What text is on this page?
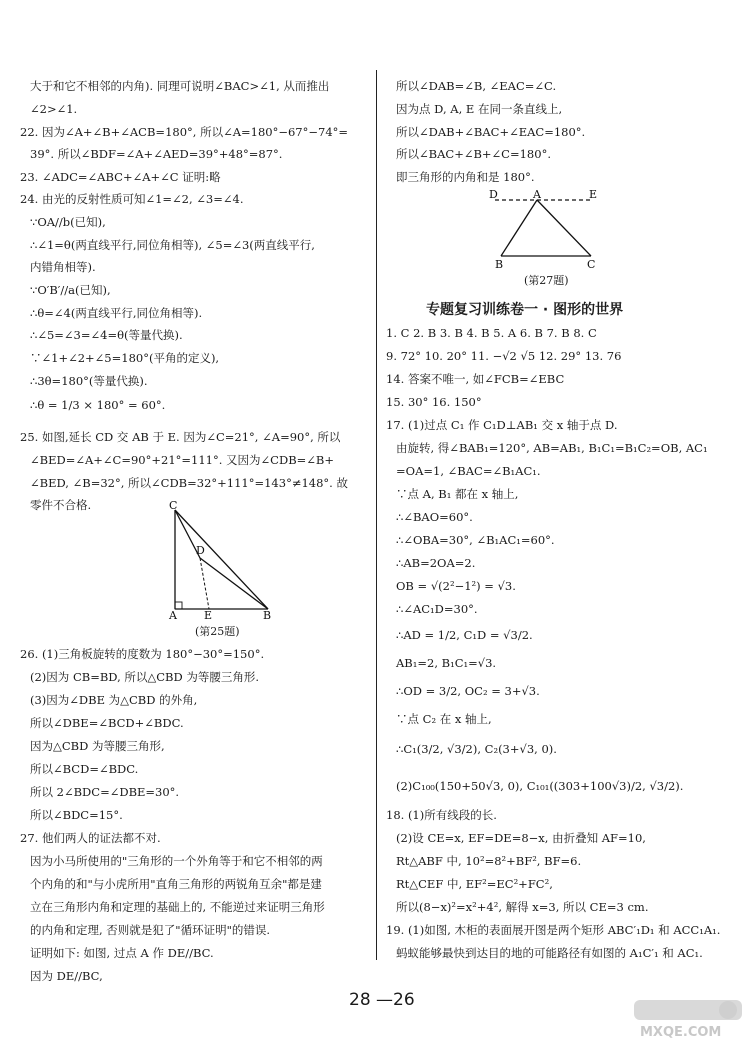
大于和它不相邻的内角). 同理可说明∠BAC>∠1, 从而推出
∠2>∠1.
22. 因为∠A+∠B+∠ACB=180°, 所以∠A=180°−67°−74°=
39°. 所以∠BDF=∠A+∠AED=39°+48°=87°.
23. ∠ADC=∠ABC+∠A+∠C 证明:略
24. 由光的反射性质可知∠1=∠2, ∠3=∠4.
∵OA//b(已知),
∴∠1=θ(两直线平行,同位角相等), ∠5=∠3(两直线平行,
内错角相等).
∵O′B′//a(已知),
∴θ=∠4(两直线平行,同位角相等).
∴∠5=∠3=∠4=θ(等量代换).
∵∠1+∠2+∠5=180°(平角的定义),
∴3θ=180°(等量代换).
∴θ = 1/3 × 180° = 60°.
25. 如图,延长 CD 交 AB 于 E. 因为∠C=21°, ∠A=90°, 所以
∠BED=∠A+∠C=90°+21°=111°. 又因为∠CDB=∠B+
∠BED, ∠B=32°, 所以∠CDB=32°+111°=143°≠148°. 故
零件不合格.	C
D
A E	B
(第25题)
26. (1)三角板旋转的度数为 180°−30°=150°.
(2)因为 CB=BD, 所以△CBD 为等腰三角形.
(3)因为∠DBE 为△CBD 的外角,
所以∠DBE=∠BCD+∠BDC.
因为△CBD 为等腰三角形,
所以∠BCD=∠BDC.
所以 2∠BDC=∠DBE=30°.
所以∠BDC=15°.
27. 他们两人的证法都不对.
因为小马所使用的"三角形的一个外角等于和它不相邻的两
个内角的和"与小虎所用"直角三角形的两锐角互余"都是建
立在三角形内角和定理的基础上的, 不能逆过来证明三角形
的内角和定理, 否则就是犯了"循环证明"的错误.
证明如下: 如图, 过点 A 作 DE//BC.
因为 DE//BC,
所以∠DAB=∠B, ∠EAC=∠C.
因为点 D, A, E 在同一条直线上,
所以∠DAB+∠BAC+∠EAC=180°.
所以∠BAC+∠B+∠C=180°.
即三角形的内角和是 180°.
D	A	E
B	C
(第27题)
专题复习训练卷一 · 图形的世界
1. C 2. B 3. B 4. B 5. A 6. B 7. B 8. C
9. 72° 10. 20° 11. −√2 √5 12. 29° 13. 76
14. 答案不唯一, 如∠FCB=∠EBC
15. 30° 16. 150°
17. (1)过点 C₁ 作 C₁D⊥AB₁ 交 x 轴于点 D.
由旋转, 得∠BAB₁=120°, AB=AB₁, B₁C₁=B₁C₂=OB, AC₁
=OA=1, ∠BAC=∠B₁AC₁.
∵点 A, B₁ 都在 x 轴上,
∴∠BAO=60°.
∴∠OBA=30°, ∠B₁AC₁=60°.
∴AB=2OA=2.
OB = √(2²−1²) = √3.
∴∠AC₁D=30°.
∴AD = 1/2, C₁D = √3/2.
AB₁=2, B₁C₁=√3.
∴OD = 3/2, OC₂ = 3+√3.
∵点 C₂ 在 x 轴上,
∴C₁(3/2, √3/2), C₂(3+√3, 0).
(2)C₁₀₀(150+50√3, 0), C₁₀₁((303+100√3)/2, √3/2).
18. (1)所有线段的长.
(2)设 CE=x, EF=DE=8−x, 由折叠知 AF=10,
Rt△ABF 中, 10²=8²+BF², BF=6.
Rt△CEF 中, EF²=EC²+FC²,
所以(8−x)²=x²+4², 解得 x=3, 所以 CE=3 cm.
19. (1)如图, 木柜的表面展开图是两个矩形 ABC′₁D₁ 和 ACC₁A₁.
蚂蚁能够最快到达目的地的可能路径有如图的 A₁C′₁ 和 AC₁.
28 —26
MXQE.COM
